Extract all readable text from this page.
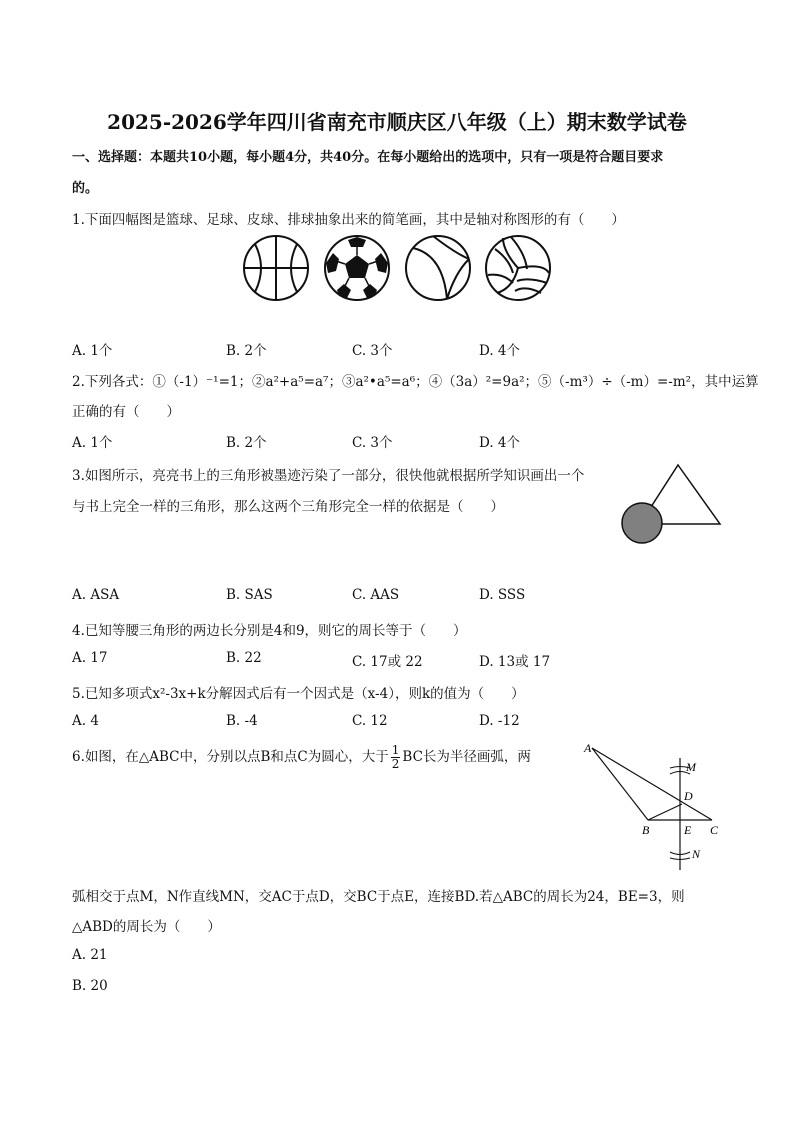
2025-2026学年四川省南充市顺庆区八年级（上）期末数学试卷
一、选择题：本题共10小题，每小题4分，共40分。在每小题给出的选项中，只有一项是符合题目要求
的。
1.下面四幅图是篮球、足球、皮球、排球抽象出来的简笔画，其中是轴对称图形的有（　　）
A. 1个	B. 2个	C. 3个	D. 4个
2.下列各式：①（-1）⁻¹=1；②a²+a⁵=a⁷；③a²•a⁵=a⁶；④（3a）²=9a²；⑤（-m³）÷（-m）=-m²，其中运算
正确的有（　　）
A. 1个	B. 2个	C. 3个	D. 4个
3.如图所示，亮亮书上的三角形被墨迹污染了一部分，很快他就根据所学知识画出一个
与书上完全一样的三角形，那么这两个三角形完全一样的依据是（　　）
A. ASA	B. SAS	C. AAS	D. SSS
4.已知等腰三角形的两边长分别是4和9，则它的周长等于（　　）
A. 17	B. 22	C. 17或 22	D. 13或 17
5.已知多项式x²-3x+k分解因式后有一个因式是（x-4），则k的值为（　　）
A. 4	B. -4	C. 12	D. -12
6.如图，在△ABC中，分别以点B和点C为圆心，大于 $\frac{1}{2}$ BC长为半径画弧，两
A
M
D
B	E C
N
弧相交于点M，N作直线MN，交AC于点D，交BC于点E，连接BD.若△ABC的周长为24，BE=3，则
△ABD的周长为（　　）
A. 21
B. 20
